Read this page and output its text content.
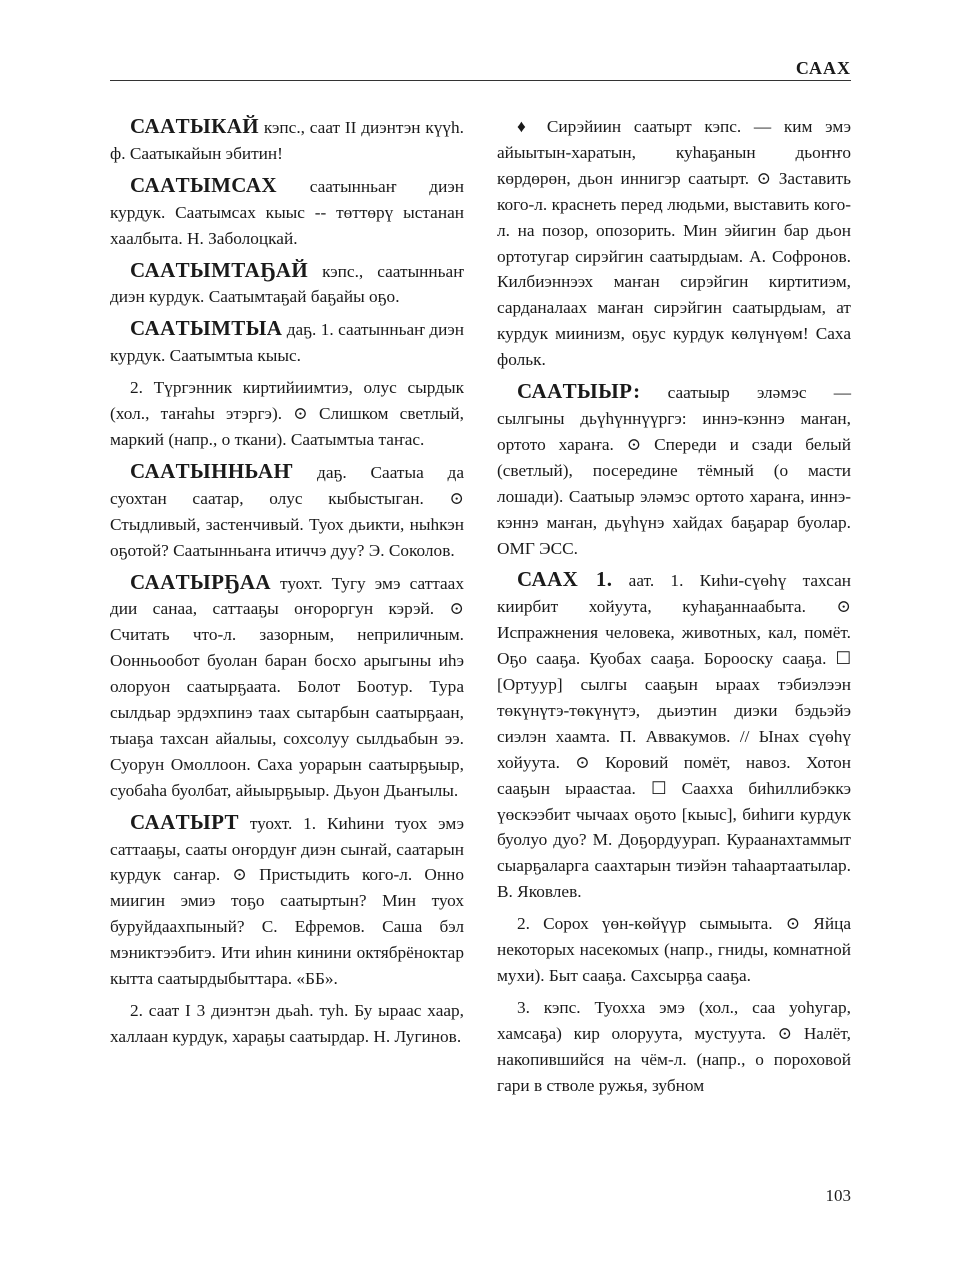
САAХ

САAТЫКАЙ кэпс., саат II диэнтэн күүһ. ф. Саатыкайын эбитин!

САAТЫМСАХ саатынньаҥ диэн курдук. Саатымсах кыыс -- төттөрү ыстанан хаалбыта. Н. Заболоцкай.

САAТЫМТАҔАЙ кэпс., саатынньаҥ диэн курдук. Саатымтаҕай баҕайы оҕо.

САAТЫМТЫА даҕ. 1. саатынньаҥ диэн курдук. Саатымтыа кыыс.

2. Түргэнник киртийиимтиэ, олус сырдык (хол., таҥаһы этэргэ). ⊙ Слишком светлый, маркий (напр., о ткани). Саатымтыа таҥас.

САAТЫННЬАҤ даҕ. Саатыа да суохтан саатар, олус кыбыстыган. ⊙ Стыдливый, застенчивый. Туох дьикти, ныһкэн оҕотой? Саатынньаҥа итиччэ дуу? Э. Соколов.

САAТЫРҔАА туохт. Тугу эмэ саттаах дии санаа, саттааҕы оҥороргун кэрэй. ⊙ Считать что-л. зазорным, неприличным. Оонньообот буолан баран босхо арыгыны иһэ олоруон саатырҕаата. Болот Боотур. Тура сылдьар эрдэхпинэ таах сытарбын саатырҕаан, тыаҕа тахсан айалыы, сохсолуу сылдьабын ээ. Суорун Омоллоон. Саха уорарын саатырҕыыр, суобаһа буолбат, айыырҕыыр. Дьуон Дьаҥылы.

САAТЫРТ туохт. 1. Киһини туох эмэ саттааҕы, сааты оҥордуҥ диэн сыҥай, саатарын курдук саҥар. ⊙ Пристыдить кого-л. Онно миигин эмиэ тоҕо саатыртын? Мин туох буруйдаахпыный? С. Ефремов. Саша бэл мэниктээбитэ. Ити иһин кинини октябрёноктар кытта саатырдыбыттара. «ББ».

2. саат I 3 диэнтэн дьаһ. туһ. Бу ыраас хаар, халлаан курдук, хараҕы саатырдар. Н. Лугинов.

♦ Сирэйиин саатырт кэпс. — ким эмэ айыытын-харатын, куһаҕанын дьоҥҥо көрдөрөн, дьон иннигэр саатырт. ⊙ Заставить кого-л. краснеть перед людьми, выставить кого-л. на позор, опозорить. Мин эйигин бар дьон ортотугар сирэйгин саатырдыам. А. Софронов. Килбиэннээх маҥан сирэйгин киртитиэм, сарданалаах маҥан сирэйгин саатырдыам, ат курдук миинизм, оҕус курдук көлүнүөм! Саха фольк.

САAТЫЫР: саатыыр эләмэс — сылгыны дьүһүннүүргэ: иннэ-кэннэ маҥан, ортото хараҥа. ⊙ Спереди и сзади белый (светлый), посередине тёмный (о масти лошади). Саатыыр эләмэс ортото хараҥа, иннэ-кэннэ маҥан, дьүһүнэ хайдах баҕарар буолар. ОМГ ЭСС.

САAХ 1. аат. 1. Киһи-сүөһү тахсан киирбит хойуута, куһаҕаннаабыта. ⊙ Испражнения человека, животных, кал, помёт. Оҕо сааҕа. Куобах сааҕа. Борооску сааҕа. ☐ [Ортуур] сылгы сааҕын ыраах тэбиэлээн төкүнүтэ-төкүнүтэ, дьиэтин диэки бэдьэйэ сиэлэн хаамта. П. Аввакумов. // Ынах сүөһү хойуута. ⊙ Коровий помёт, навоз. Хотон сааҕын ыраастаа. ☐ Саахха биһиллибэккэ үөскээбит чычаах оҕото [кыыс], биһиги курдук буолуо дуо? М. Доҕордуурап. Кураанахтаммыт сыарҕаларга саахтарын тиэйэн таһаартаатылар. В. Яковлев.

2. Сорох үөн-көйүүр сымыыта. ⊙ Яйца некоторых насекомых (напр., гниды, комнатной мухи). Быт сааҕа. Сахсырҕа сааҕа.

3. кэпс. Туохха эмэ (хол., саа уоһугар, хамсаҕа) кир олоруута, мустуута. ⊙ Налёт, накопившийся на чём-л. (напр., о пороховой гари в стволе ружья, зубном

103
